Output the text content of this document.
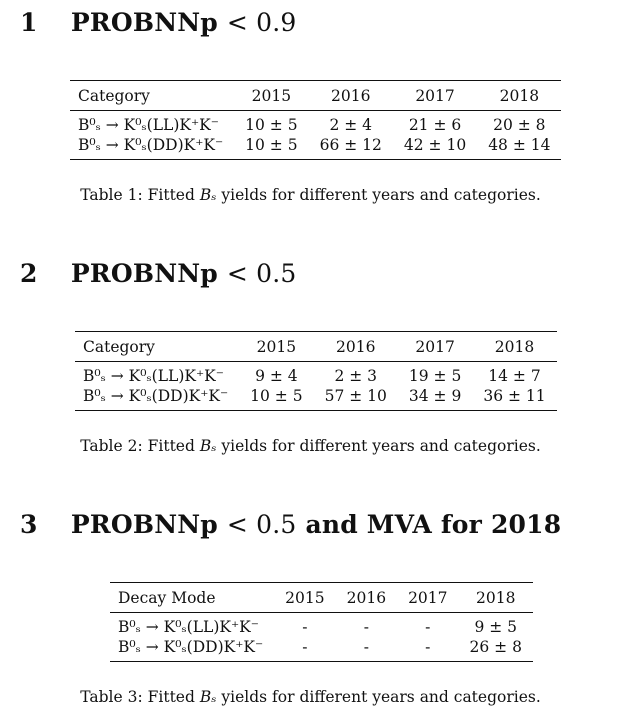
1 PROBNNp < 0.9
Category	2015	2016	2017	2018
B⁰ₛ → K⁰ₛ(LL)K⁺K⁻	10 ± 5	2 ± 4	21 ± 6	20 ± 8
B⁰ₛ → K⁰ₛ(DD)K⁺K⁻	10 ± 5	66 ± 12	42 ± 10	48 ± 14
Table 1: Fitted Bₛ yields for different years and categories.
2 PROBNNp < 0.5
Category	2015	2016	2017	2018
B⁰ₛ → K⁰ₛ(LL)K⁺K⁻	9 ± 4	2 ± 3	19 ± 5	14 ± 7
B⁰ₛ → K⁰ₛ(DD)K⁺K⁻	10 ± 5	57 ± 10	34 ± 9	36 ± 11
Table 2: Fitted Bₛ yields for different years and categories.
3 PROBNNp < 0.5 and MVA for 2018
Decay Mode	2015	2016	2017	2018
B⁰ₛ → K⁰ₛ(LL)K⁺K⁻	-	-	-	9 ± 5
B⁰ₛ → K⁰ₛ(DD)K⁺K⁻	-	-	-	26 ± 8
Table 3: Fitted Bₛ yields for different years and categories.
